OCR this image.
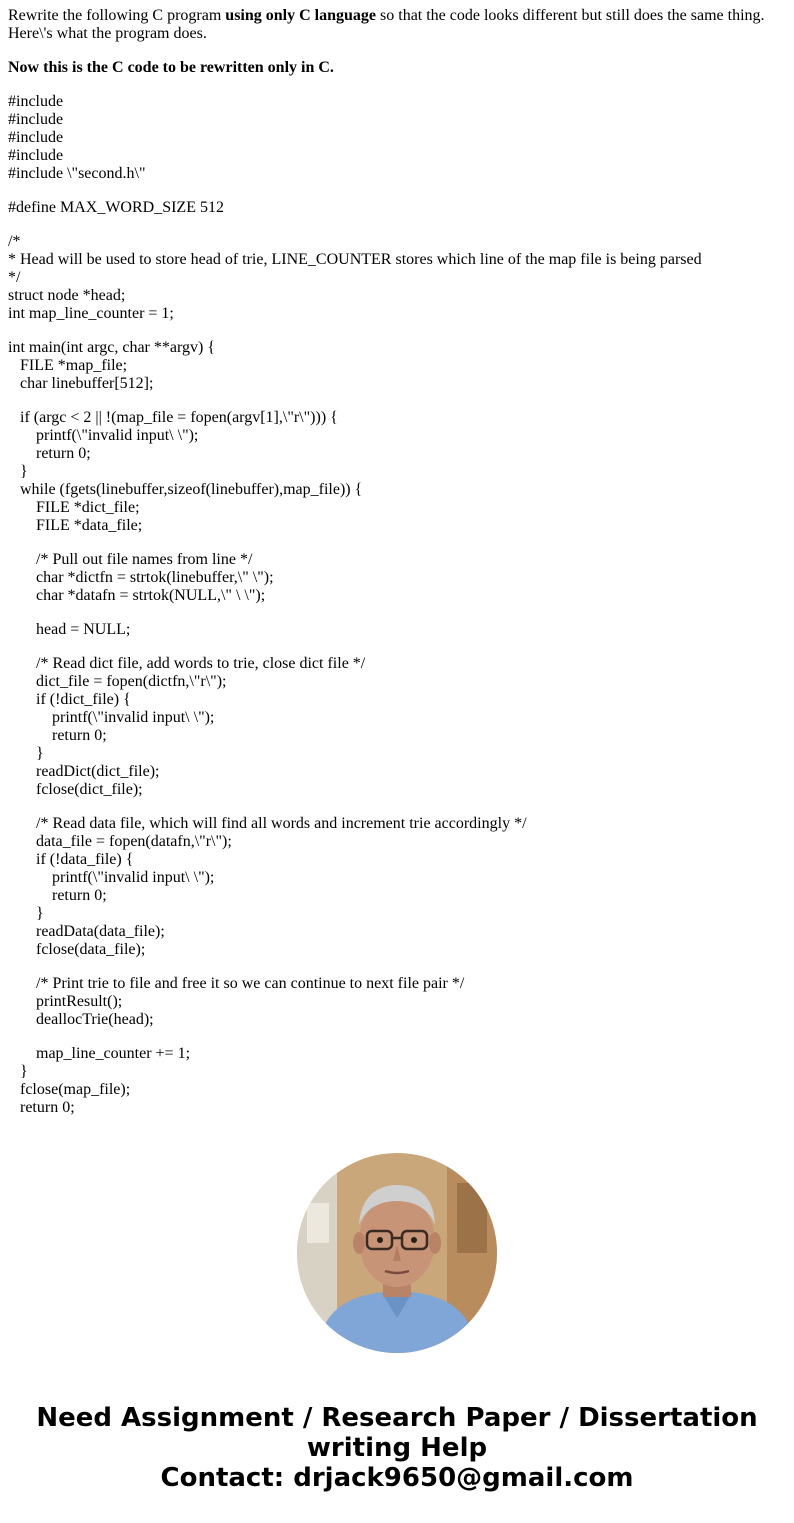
Rewrite the following C program using only C language so that the code looks different but still does the same thing. Here\'s what the program does.

Now this is the C code to be rewritten only in C.

#include
#include
#include
#include
#include \"second.h\"

#define MAX_WORD_SIZE 512

/*
* Head will be used to store head of trie, LINE_COUNTER stores which line of the map file is being parsed
*/
struct node *head;
int map_line_counter = 1;

int main(int argc, char **argv) {
FILE *map_file;
char linebuffer[512];

if (argc < 2 || !(map_file = fopen(argv[1],\"r\"))) {
printf(\"invalid input\ \");
return 0;
}
while (fgets(linebuffer,sizeof(linebuffer),map_file)) {
FILE *dict_file;
FILE *data_file;

/* Pull out file names from line */
char *dictfn = strtok(linebuffer,\" \");
char *datafn = strtok(NULL,\" \ \");

head = NULL;

/* Read dict file, add words to trie, close dict file */
dict_file = fopen(dictfn,\"r\");
if (!dict_file) {
printf(\"invalid input\ \");
return 0;
}
readDict(dict_file);
fclose(dict_file);

/* Read data file, which will find all words and increment trie accordingly */
data_file = fopen(datafn,\"r\");
if (!data_file) {
printf(\"invalid input\ \");
return 0;
}
readData(data_file);
fclose(data_file);

/* Print trie to file and free it so we can continue to next file pair */
printResult();
deallocTrie(head);

map_line_counter += 1;
}
fclose(map_file);
return 0;

Need Assignment / Research Paper / Dissertation
writing Help
Contact: drjack9650@gmail.com
